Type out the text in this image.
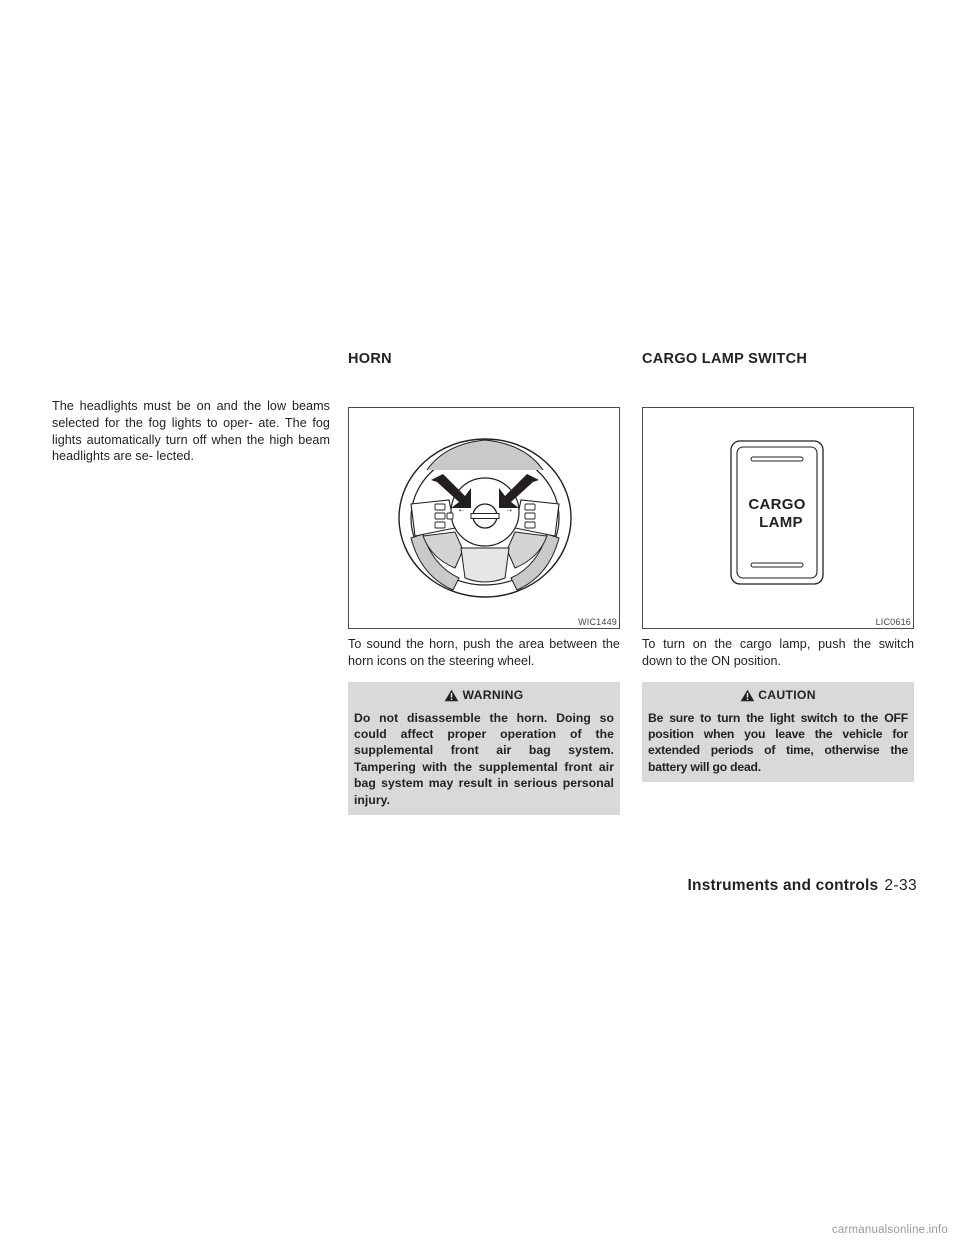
The headlights must be on and the low beams selected for the fog lights to oper- ate. The fog lights automatically turn off when the high beam headlights are se- lected.

HORN
⇠	⇢
WIC1449

To sound the horn, push the area between the horn icons on the steering wheel.

WARNING

Do not disassemble the horn. Doing so could affect proper operation of the supplemental front air bag system. Tampering with the supplemental front air bag system may result in serious personal injury.

CARGO LAMP SWITCH
CARGO
LAMP
LIC0616

To turn on the cargo lamp, push the switch down to the ON position.

CAUTION

Be sure to turn the light switch to the OFF position when you leave the vehicle for extended periods of time, otherwise the battery will go dead.

Instruments and controls 2-33
carmanualsonline.info
